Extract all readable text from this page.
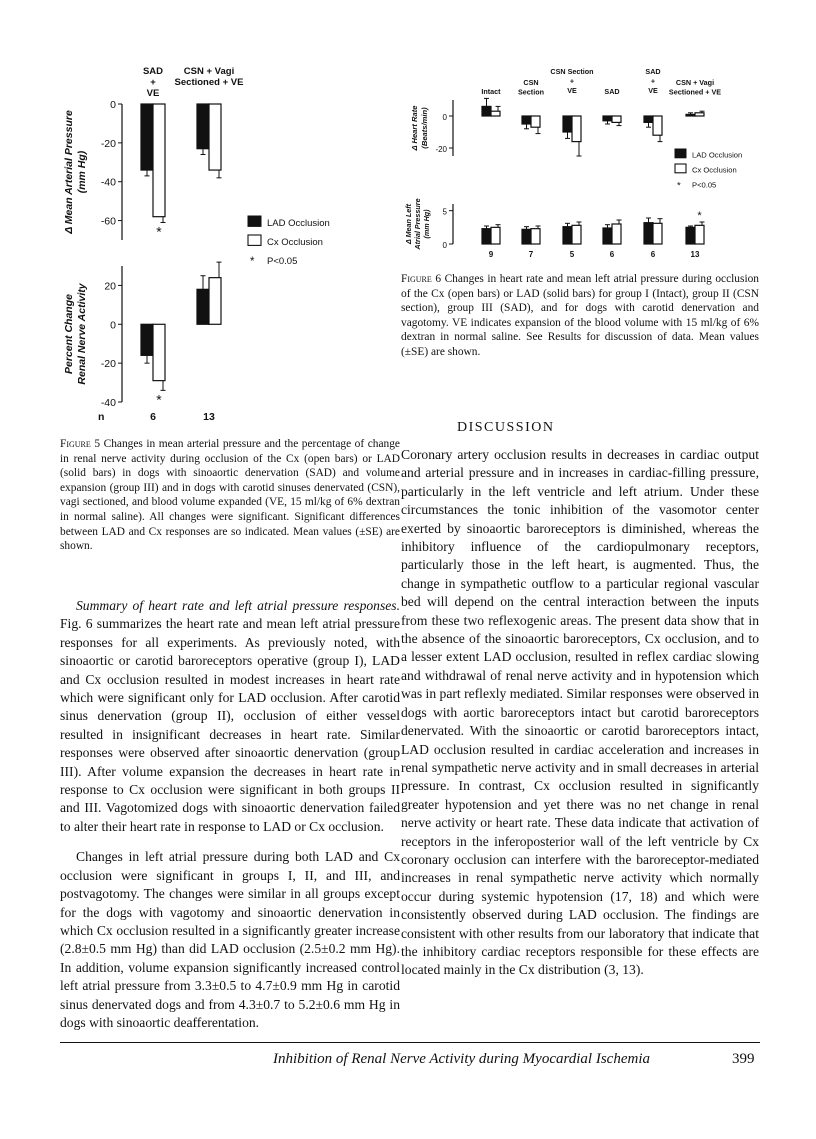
SAD
+
VE
CSN + Vagi
Sectioned + VE
0
-20
-40
-60
Δ Mean Arterial Pressure (mm Hg)
*
20
0
-20
-40
Percent Change Renal Nerve Activity
*
LAD Occlusion
Cx Occlusion
* P<0.05
n	6	13
Figure 5 Changes in mean arterial pressure and the percentage of change in renal nerve activity during occlusion of the Cx (open bars) or LAD (solid bars) in dogs with sinoaortic denervation (SAD) and volume expansion (group III) and in dogs with carotid sinuses denervated (CSN), vagi sectioned, and blood volume expanded (VE, 15 ml/kg of 6% dextran in normal saline). All changes were significant. Significant differences between LAD and Cx responses are so indicated. Mean values (±SE) are shown.
Intact
CSN
Section
CSN Section
+
VE	SAD
SAD
+
VE
CSN + Vagi
Sectioned + VE
0
-20
Δ Heart Rate (Beats/min)
5
0
Δ Mean Left Atrial Pressure (mm Hg)	*
LAD Occlusion
Cx Occlusion
* P<0.05
9	7	5	6	6	13
Figure 6 Changes in heart rate and mean left atrial pressure during occlusion of the Cx (open bars) or LAD (solid bars) for group I (Intact), group II (CSN section), group III (SAD), and for dogs with carotid denervation and vagotomy. VE indicates expansion of the blood volume with 15 ml/kg of 6% dextran in normal saline. See Results for discussion of data. Mean values (±SE) are shown.

Summary of heart rate and left atrial pressure responses. Fig. 6 summarizes the heart rate and mean left atrial pressure responses for all experiments. As previously noted, with sinoaortic or carotid baroreceptors operative (group I), LAD and Cx occlusion resulted in modest increases in heart rate which were significant only for LAD occlusion. After carotid sinus denervation (group II), occlusion of either vessel resulted in insignificant decreases in heart rate. Similar responses were observed after sinoaortic denervation (group III). After volume expansion the decreases in heart rate in response to Cx occlusion were significant in both groups II and III. Vagotomized dogs with sinoaortic denervation failed to alter their heart rate in response to LAD or Cx occlusion.

Changes in left atrial pressure during both LAD and Cx occlusion were significant in groups I, II, and III, and postvagotomy. The changes were similar in all groups except for the dogs with vagotomy and sinoaortic denervation in which Cx occlusion resulted in a significantly greater increase (2.8±0.5 mm Hg) than did LAD occlusion (2.5±0.2 mm Hg). In addition, volume expansion significantly increased control left atrial pressure from 3.3±0.5 to 4.7±0.9 mm Hg in carotid sinus denervated dogs and from 4.3±0.7 to 5.2±0.6 mm Hg in dogs with sinoaortic deafferentation.

DISCUSSION

Coronary artery occlusion results in decreases in cardiac output and arterial pressure and in increases in cardiac-filling pressure, particularly in the left ventricle and left atrium. Under these circumstances the tonic inhibition of the vasomotor center exerted by sinoaortic baroreceptors is diminished, whereas the inhibitory influence of the cardiopulmonary receptors, particularly those in the left heart, is augmented. Thus, the change in sympathetic outflow to a particular regional vascular bed will depend on the central interaction between the inputs from these two reflexogenic areas. The present data show that in the absence of the sinoaortic baroreceptors, Cx occlusion, and to a lesser extent LAD occlusion, resulted in reflex cardiac slowing and withdrawal of renal nerve activity and in hypotension which was in part reflexly mediated. Similar responses were observed in dogs with aortic baroreceptors intact but carotid baroreceptors denervated. With the sinoaortic or carotid baroreceptors intact, LAD occlusion resulted in cardiac acceleration and increases in renal sympathetic nerve activity and in small decreases in arterial pressure. In contrast, Cx occlusion resulted in significantly greater hypotension and yet there was no net change in renal nerve activity or heart rate. These data indicate that activation of receptors in the inferoposterior wall of the left ventricle by Cx coronary occlusion can interfere with the baroreceptor-mediated increases in renal sympathetic nerve activity which normally occur during systemic hypotension (17, 18) and which were consistently observed during LAD occlusion. The findings are consistent with other results from our laboratory that indicate that the inhibitory cardiac receptors responsible for these effects are located mainly in the Cx distribution (3, 13).

Inhibition of Renal Nerve Activity during Myocardial Ischemia	399
